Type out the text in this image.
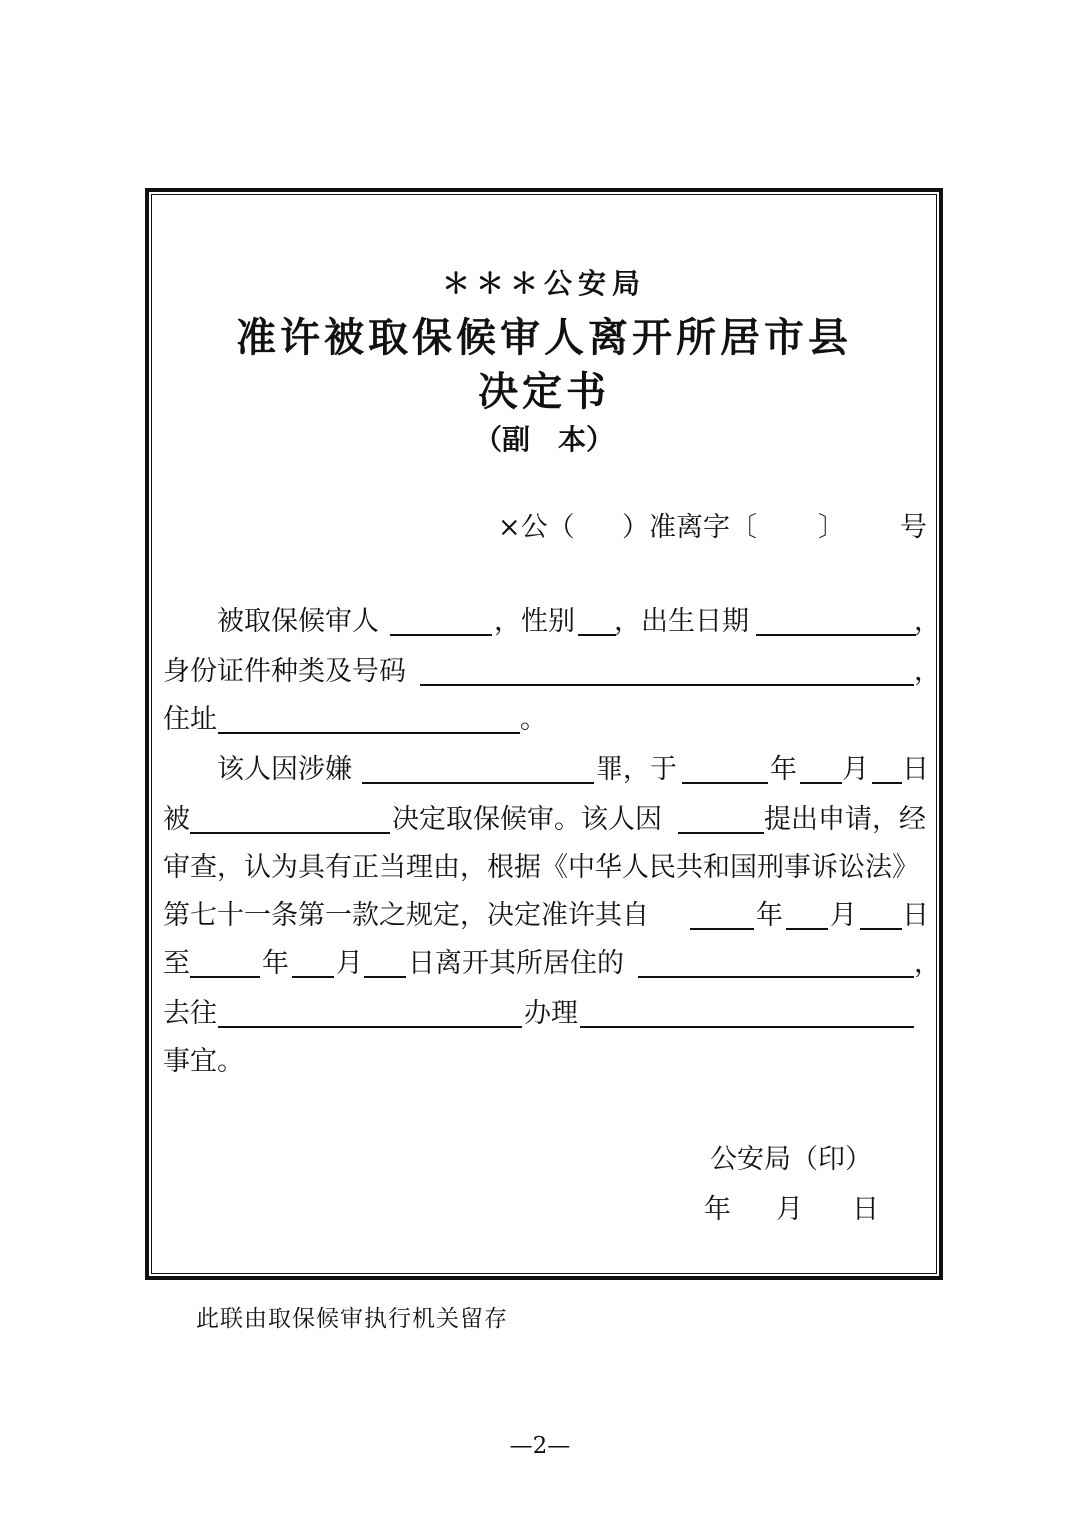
＊＊＊公安局
准许被取保候审人离开所居市县
决定书
（副　本）
×公（ ）准离字〔 〕 号
被取保候审人	，性别 ，出生日期	，
身份证件种类及号码	，
住址	。
该人因涉嫌	罪，于	年 月 日
被	决定取保候审。该人因	提出申请，经
审查，认为具有正当理由，根据《中华人民共和国刑事诉讼法》
第七十一条第一款之规定，决定准许其自	年 月 日
至	年 月 日离开其所居住的	，
去往	办理
事宜。
公安局（印）
年 月 日
此联由取保候审执行机关留存
—2—
